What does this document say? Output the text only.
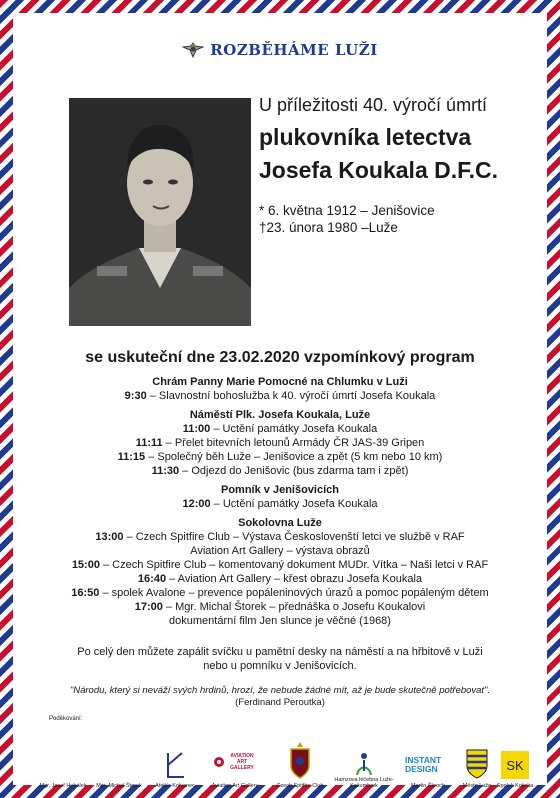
ROZBĚHÁME LUŽI

U příležitosti 40. výročí úmrtí

plukovníka letectva

Josefa Koukala D.F.C.

* 6. května 1912 – Jenišovice
†23. února 1980 –Luže
se uskuteční dne 23.02.2020 vzpomínkový program
Chrám Panny Marie Pomocné na Chlumku v Luži
9:30 – Slavnostní bohoslužba k 40. výročí úmrtí Josefa Koukala
Náměstí Plk. Josefa Koukala, Luže
11:00 – Uctění památky Josefa Koukala
11:11 – Přelet bitevních letounů Armády ČR JAS-39 Gripen
11:15 – Společný běh Luže – Jenišovice a zpět (5 km nebo 10 km)
11:30 – Odjezd do Jenišovic (bus zdarma tam i zpět)
Pomník v Jenišovicích
12:00 – Uctění památky Josefa Koukala
Sokolovna Luže
13:00 – Czech Spitfire Club – Výstava Českoslovenští letci ve službě v RAF
Aviation Art Gallery – výstava obrazů
15:00 – Czech Spitfire Club – komentovaný dokument MUDr. Vítka – Naši letci v RAF
16:40 – Aviation Art Gallery – křest obrazu Josefa Koukala
16:50 – spolek Avalone – prevence popáleninových úrazů a pomoc popáleným dětem
17:00 – Mgr. Michal Štorek – přednáška o Josefu Koukalovi
dokumentární film Jen slunce je věčné (1968)
Po celý den můžete zapálit svíčku u pamětní desky na náměstí a na hřbitově v Luži
nebo u pomníku v Jenišovicích.
"Národu, který si neváží svých hrdinů, hrozí, že nebude žádné mít, až je bude skutečně potřebovat".
(Ferdinand Peroutka)
Poděkování:
Mgr. Josef Hubálek	Mgr. Michal Štorek	Ateliér Kolvanec
AVIATION ART GALLERY
Aviation Art Gallery	Czech Spitfire Club
Hamzova léčebna Luže-Košumberk
INSTANT
DESIGN
Martin Škroch	Město Luže
SK
Spolek Kojinka
